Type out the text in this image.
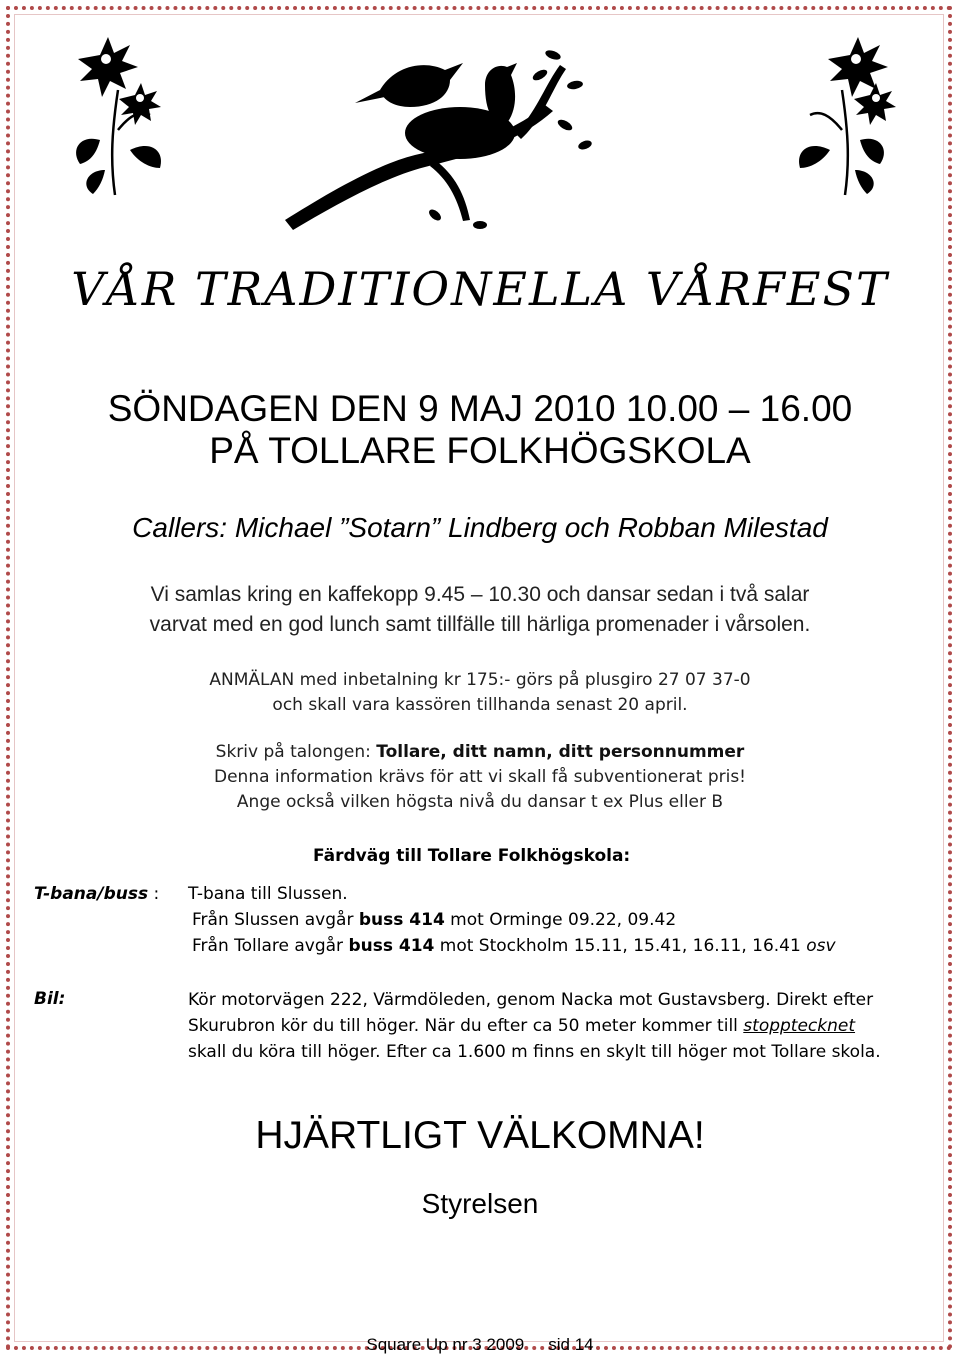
VÅR TRADITIONELLA VÅRFEST
SÖNDAGEN DEN 9 MAJ 2010 10.00 – 16.00
PÅ TOLLARE FOLKHÖGSKOLA
Callers: Michael ”Sotarn” Lindberg och Robban Milestad
Vi samlas kring en kaffekopp 9.45 – 10.30 och dansar sedan i två salar
varvat med en god lunch samt tillfälle till härliga promenader i vårsolen.
ANMÄLAN med inbetalning kr 175:- görs på plusgiro 27 07 37-0
och skall vara kassören tillhanda senast 20 april.
Skriv på talongen: Tollare, ditt namn, ditt personnummer
Denna information krävs för att vi skall få subventionerat pris!
Ange också vilken högsta nivå du dansar t ex Plus eller B
Färdväg till Tollare Folkhögskola:
T-bana/buss : T-bana till Slussen.
Från Slussen avgår buss 414 mot Orminge 09.22, 09.42
Från Tollare avgår buss 414 mot Stockholm 15.11, 15.41, 16.11, 16.41 osv
Bil:	Kör motorvägen 222, Värmdöleden, genom Nacka mot Gustavsberg. Direkt efter
Skurubron kör du till höger. När du efter ca 50 meter kommer till stopptecknet
skall du köra till höger. Efter ca 1.600 m finns en skylt till höger mot Tollare skola.
HJÄRTLIGT VÄLKOMNA!
Styrelsen
Square Up nr 3 2009 sid 14
